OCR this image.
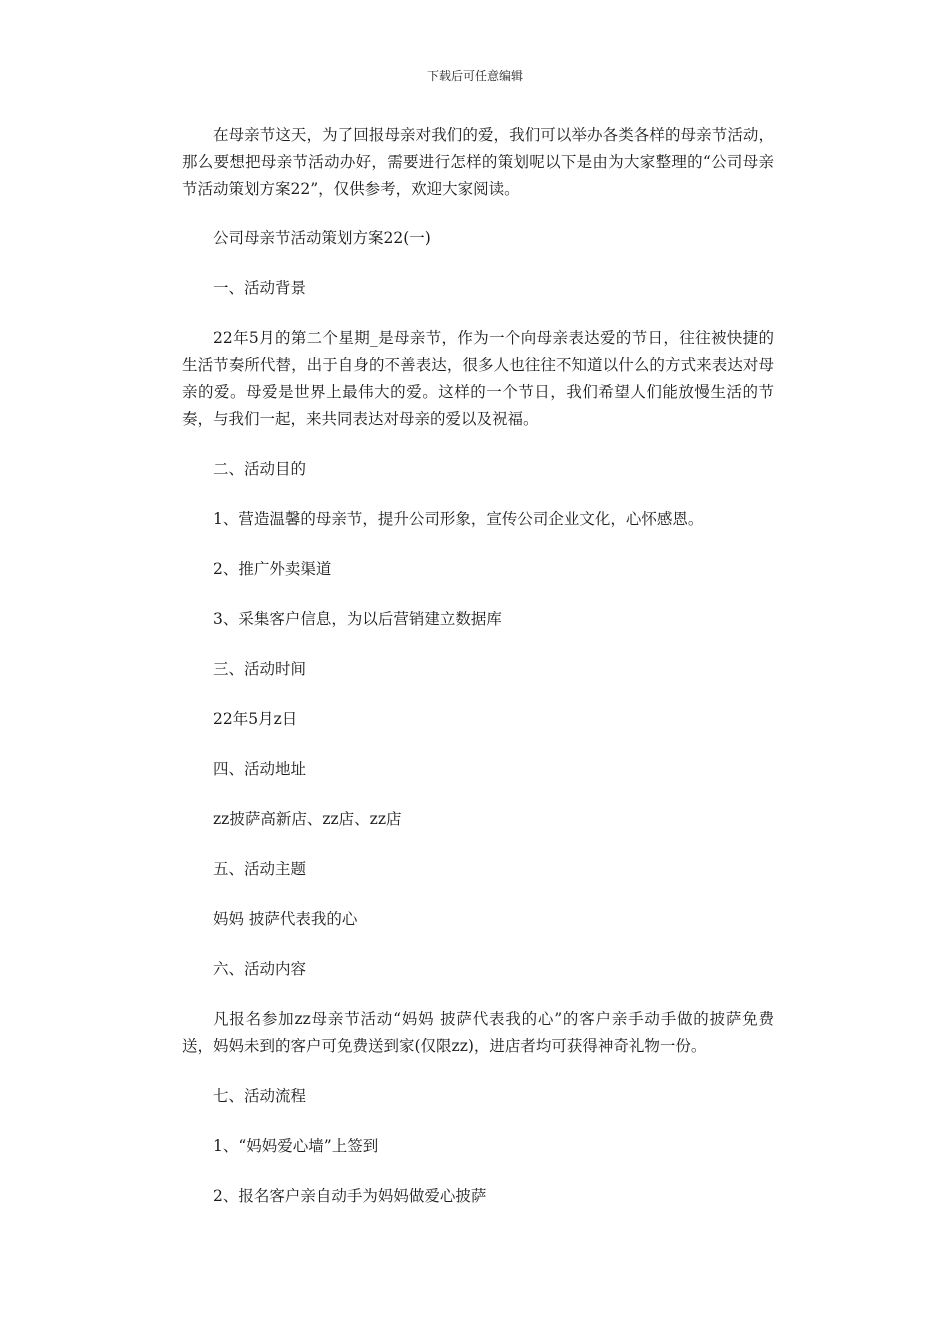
下载后可任意编辑

在母亲节这天，为了回报母亲对我们的爱，我们可以举办各类各样的母亲节活动，那么要想把母亲节活动办好，需要进行怎样的策划呢以下是由为大家整理的“公司母亲节活动策划方案22”，仅供参考，欢迎大家阅读。

公司母亲节活动策划方案22(一)

一、活动背景

22年5月的第二个星期_是母亲节，作为一个向母亲表达爱的节日，往往被快捷的生活节奏所代替，出于自身的不善表达，很多人也往往不知道以什么的方式来表达对母亲的爱。母爱是世界上最伟大的爱。这样的一个节日，我们希望人们能放慢生活的节奏，与我们一起，来共同表达对母亲的爱以及祝福。

二、活动目的

1、营造温馨的母亲节，提升公司形象，宣传公司企业文化，心怀感恩。

2、推广外卖渠道

3、采集客户信息，为以后营销建立数据库

三、活动时间

22年5月z日

四、活动地址

zz披萨高新店、zz店、zz店

五、活动主题

妈妈 披萨代表我的心

六、活动内容

凡报名参加zz母亲节活动“妈妈 披萨代表我的心”的客户亲手动手做的披萨免费送，妈妈未到的客户可免费送到家(仅限zz)，进店者均可获得神奇礼物一份。

七、活动流程

1、“妈妈爱心墙”上签到

2、报名客户亲自动手为妈妈做爱心披萨
